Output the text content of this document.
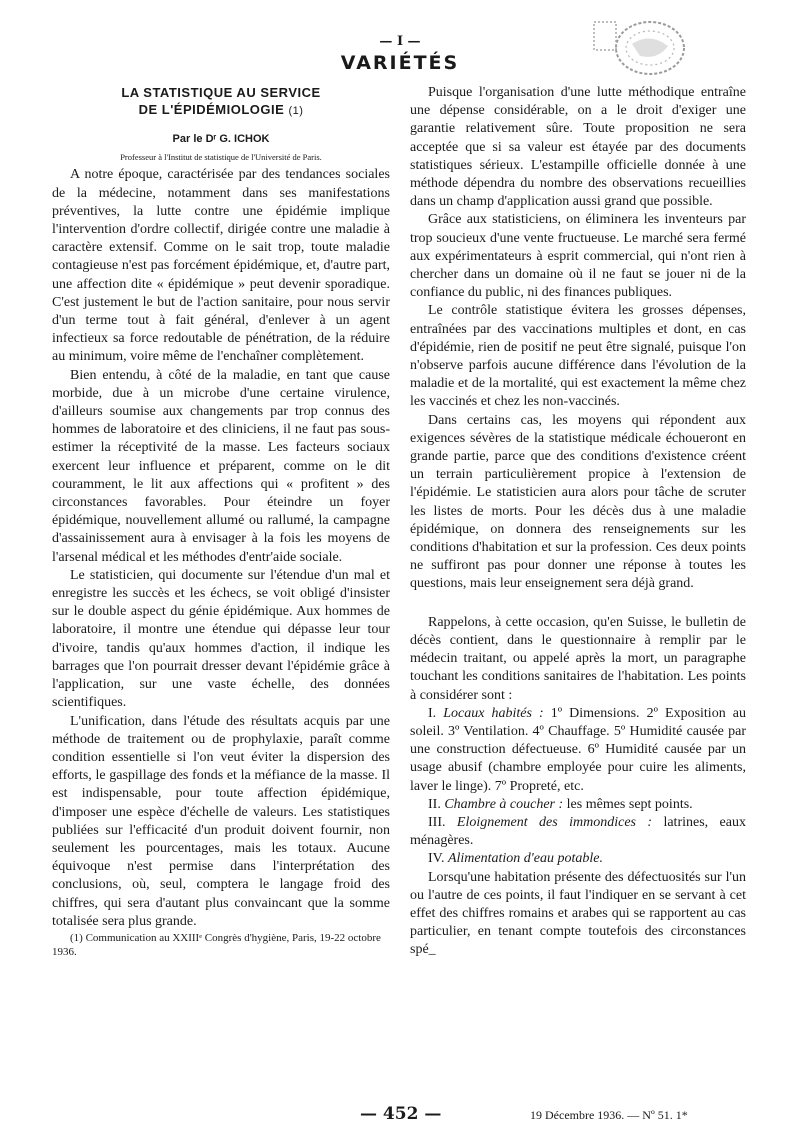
— I —
VARIÉTÉS
LA STATISTIQUE AU SERVICE
DE L'ÉPIDÉMIOLOGIE (1)

Par le Dʳ G. ICHOK

Professeur à l'Institut de statistique de l'Université de Paris.

A notre époque, caractérisée par des tendances sociales de la médecine, notamment dans ses manifestations préventives, la lutte contre une épidémie implique l'intervention d'ordre collectif, dirigée contre une maladie à caractère extensif. Comme on le sait trop, toute maladie contagieuse n'est pas forcément épidémique, et, d'autre part, une affection dite « épidémique » peut devenir sporadique. C'est justement le but de l'action sanitaire, pour nous servir d'un terme tout à fait général, d'enlever à un agent infectieux sa force redoutable de pénétration, de la réduire au minimum, voire même de l'enchaîner complètement.

Bien entendu, à côté de la maladie, en tant que cause morbide, due à un microbe d'une certaine virulence, d'ailleurs soumise aux changements par trop connus des hommes de laboratoire et des cliniciens, il ne faut pas sous-estimer la réceptivité de la masse. Les facteurs sociaux exercent leur influence et préparent, comme on le dit couramment, le lit aux affections qui « profitent » des circonstances favorables. Pour éteindre un foyer épidémique, nouvellement allumé ou rallumé, la campagne d'assainissement aura à envisager à la fois les moyens de l'arsenal médical et les méthodes d'entr'aide sociale.

Le statisticien, qui documente sur l'étendue d'un mal et enregistre les succès et les échecs, se voit obligé d'insister sur le double aspect du génie épidémique. Aux hommes de laboratoire, il montre une étendue qui dépasse leur tour d'ivoire, tandis qu'aux hommes d'action, il indique les barrages que l'on pourrait dresser devant l'épidémie grâce à l'application, sur une vaste échelle, des données scientifiques.

L'unification, dans l'étude des résultats acquis par une méthode de traitement ou de prophylaxie, paraît comme condition essentielle si l'on veut éviter la dispersion des efforts, le gaspillage des fonds et la méfiance de la masse. Il est indispensable, pour toute affection épidémique, d'imposer une espèce d'échelle de valeurs. Les statistiques publiées sur l'efficacité d'un produit doivent fournir, non seulement les pourcentages, mais les totaux. Aucune équivoque n'est permise dans l'interprétation des conclusions, où, seul, comptera le langage froid des chiffres, qui sera d'autant plus convaincant que la somme totalisée sera plus grande.

(1) Communication au XXIIIᵉ Congrès d'hygiène, Paris, 19-22 octobre 1936.

Puisque l'organisation d'une lutte méthodique entraîne une dépense considérable, on a le droit d'exiger une garantie relativement sûre. Toute proposition ne sera acceptée que si sa valeur est étayée par des documents statistiques sérieux. L'estampille officielle donnée à une méthode dépendra du nombre des observations recueillies dans un champ d'application aussi grand que possible.

Grâce aux statisticiens, on éliminera les inventeurs par trop soucieux d'une vente fructueuse. Le marché sera fermé aux expérimentateurs à esprit commercial, qui n'ont rien à chercher dans un domaine où il ne faut se jouer ni de la confiance du public, ni des finances publiques.

Le contrôle statistique évitera les grosses dépenses, entraînées par des vaccinations multiples et dont, en cas d'épidémie, rien de positif ne peut être signalé, puisque l'on n'observe parfois aucune différence dans l'évolution de la maladie et de la mortalité, qui est exactement la même chez les vaccinés et chez les non-vaccinés.

Dans certains cas, les moyens qui répondent aux exigences sévères de la statistique médicale échoueront en grande partie, parce que des conditions d'existence créent un terrain particulièrement propice à l'extension de l'épidémie. Le statisticien aura alors pour tâche de scruter les listes de morts. Pour les décès dus à une maladie épidémique, on donnera des renseignements sur les conditions d'habitation et sur la profession. Ces deux points ne suffiront pas pour donner une réponse à toutes les questions, mais leur enseignement sera déjà grand.

Rappelons, à cette occasion, qu'en Suisse, le bulletin de décès contient, dans le questionnaire à remplir par le médecin traitant, ou appelé après la mort, un paragraphe touchant les conditions sanitaires de l'habitation. Les points à considérer sont :

I. Locaux habités : 1º Dimensions. 2º Exposition au soleil. 3º Ventilation. 4º Chauffage. 5º Humidité causée par une construction défectueuse. 6º Humidité causée par un usage abusif (chambre employée pour cuire les aliments, laver le linge). 7º Propreté, etc.

II. Chambre à coucher : les mêmes sept points.

III. Eloignement des immondices : latrines, eaux ménagères.

IV. Alimentation d'eau potable.

Lorsqu'une habitation présente des défectuosités sur l'un ou l'autre de ces points, il faut l'indiquer en se servant à cet effet des chiffres romains et arabes qui se rapportent au cas particulier, en tenant compte toutefois des circonstances spé_

— 452 —	19 Décembre 1936. — Nº 51. 1*
